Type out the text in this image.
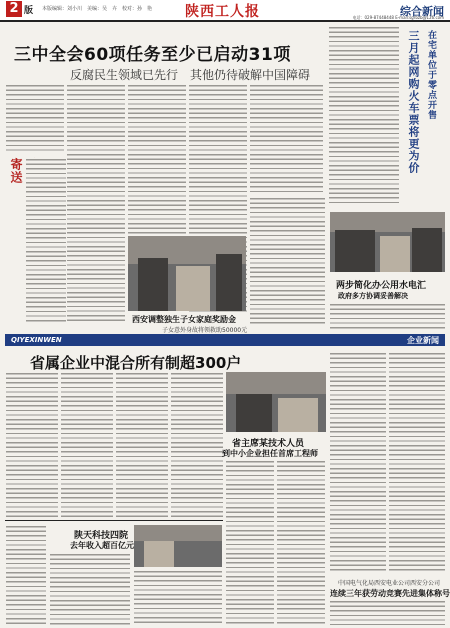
2 版 本版编辑：刘小川　美编：吴　卉　校对：孙　艳 陕西工人报	综合新闻
电话：029-87448448 E-mail:sgrbzb@126.com
三中全会60项任务至少已启动31项
反腐民生领域已先行　其他仍待破解中国障碍
寄送
西安调整独生子女家庭奖励金
子女意外身故将领救助50000元
三月起网购火车票将更为价 在宅单位于零点开售
两步简化办公用水电汇
政府多方协调妥善解决
QIYEXINWEN	企业新闻
省属企业中混合所有制超300户
省主席某技术人员
到中小企业担任首席工程师
陕天科技四院
去年收入超百亿元
中国电气化局西安电业公司西安分公司
连续三年获劳动竞赛先进集体称号
